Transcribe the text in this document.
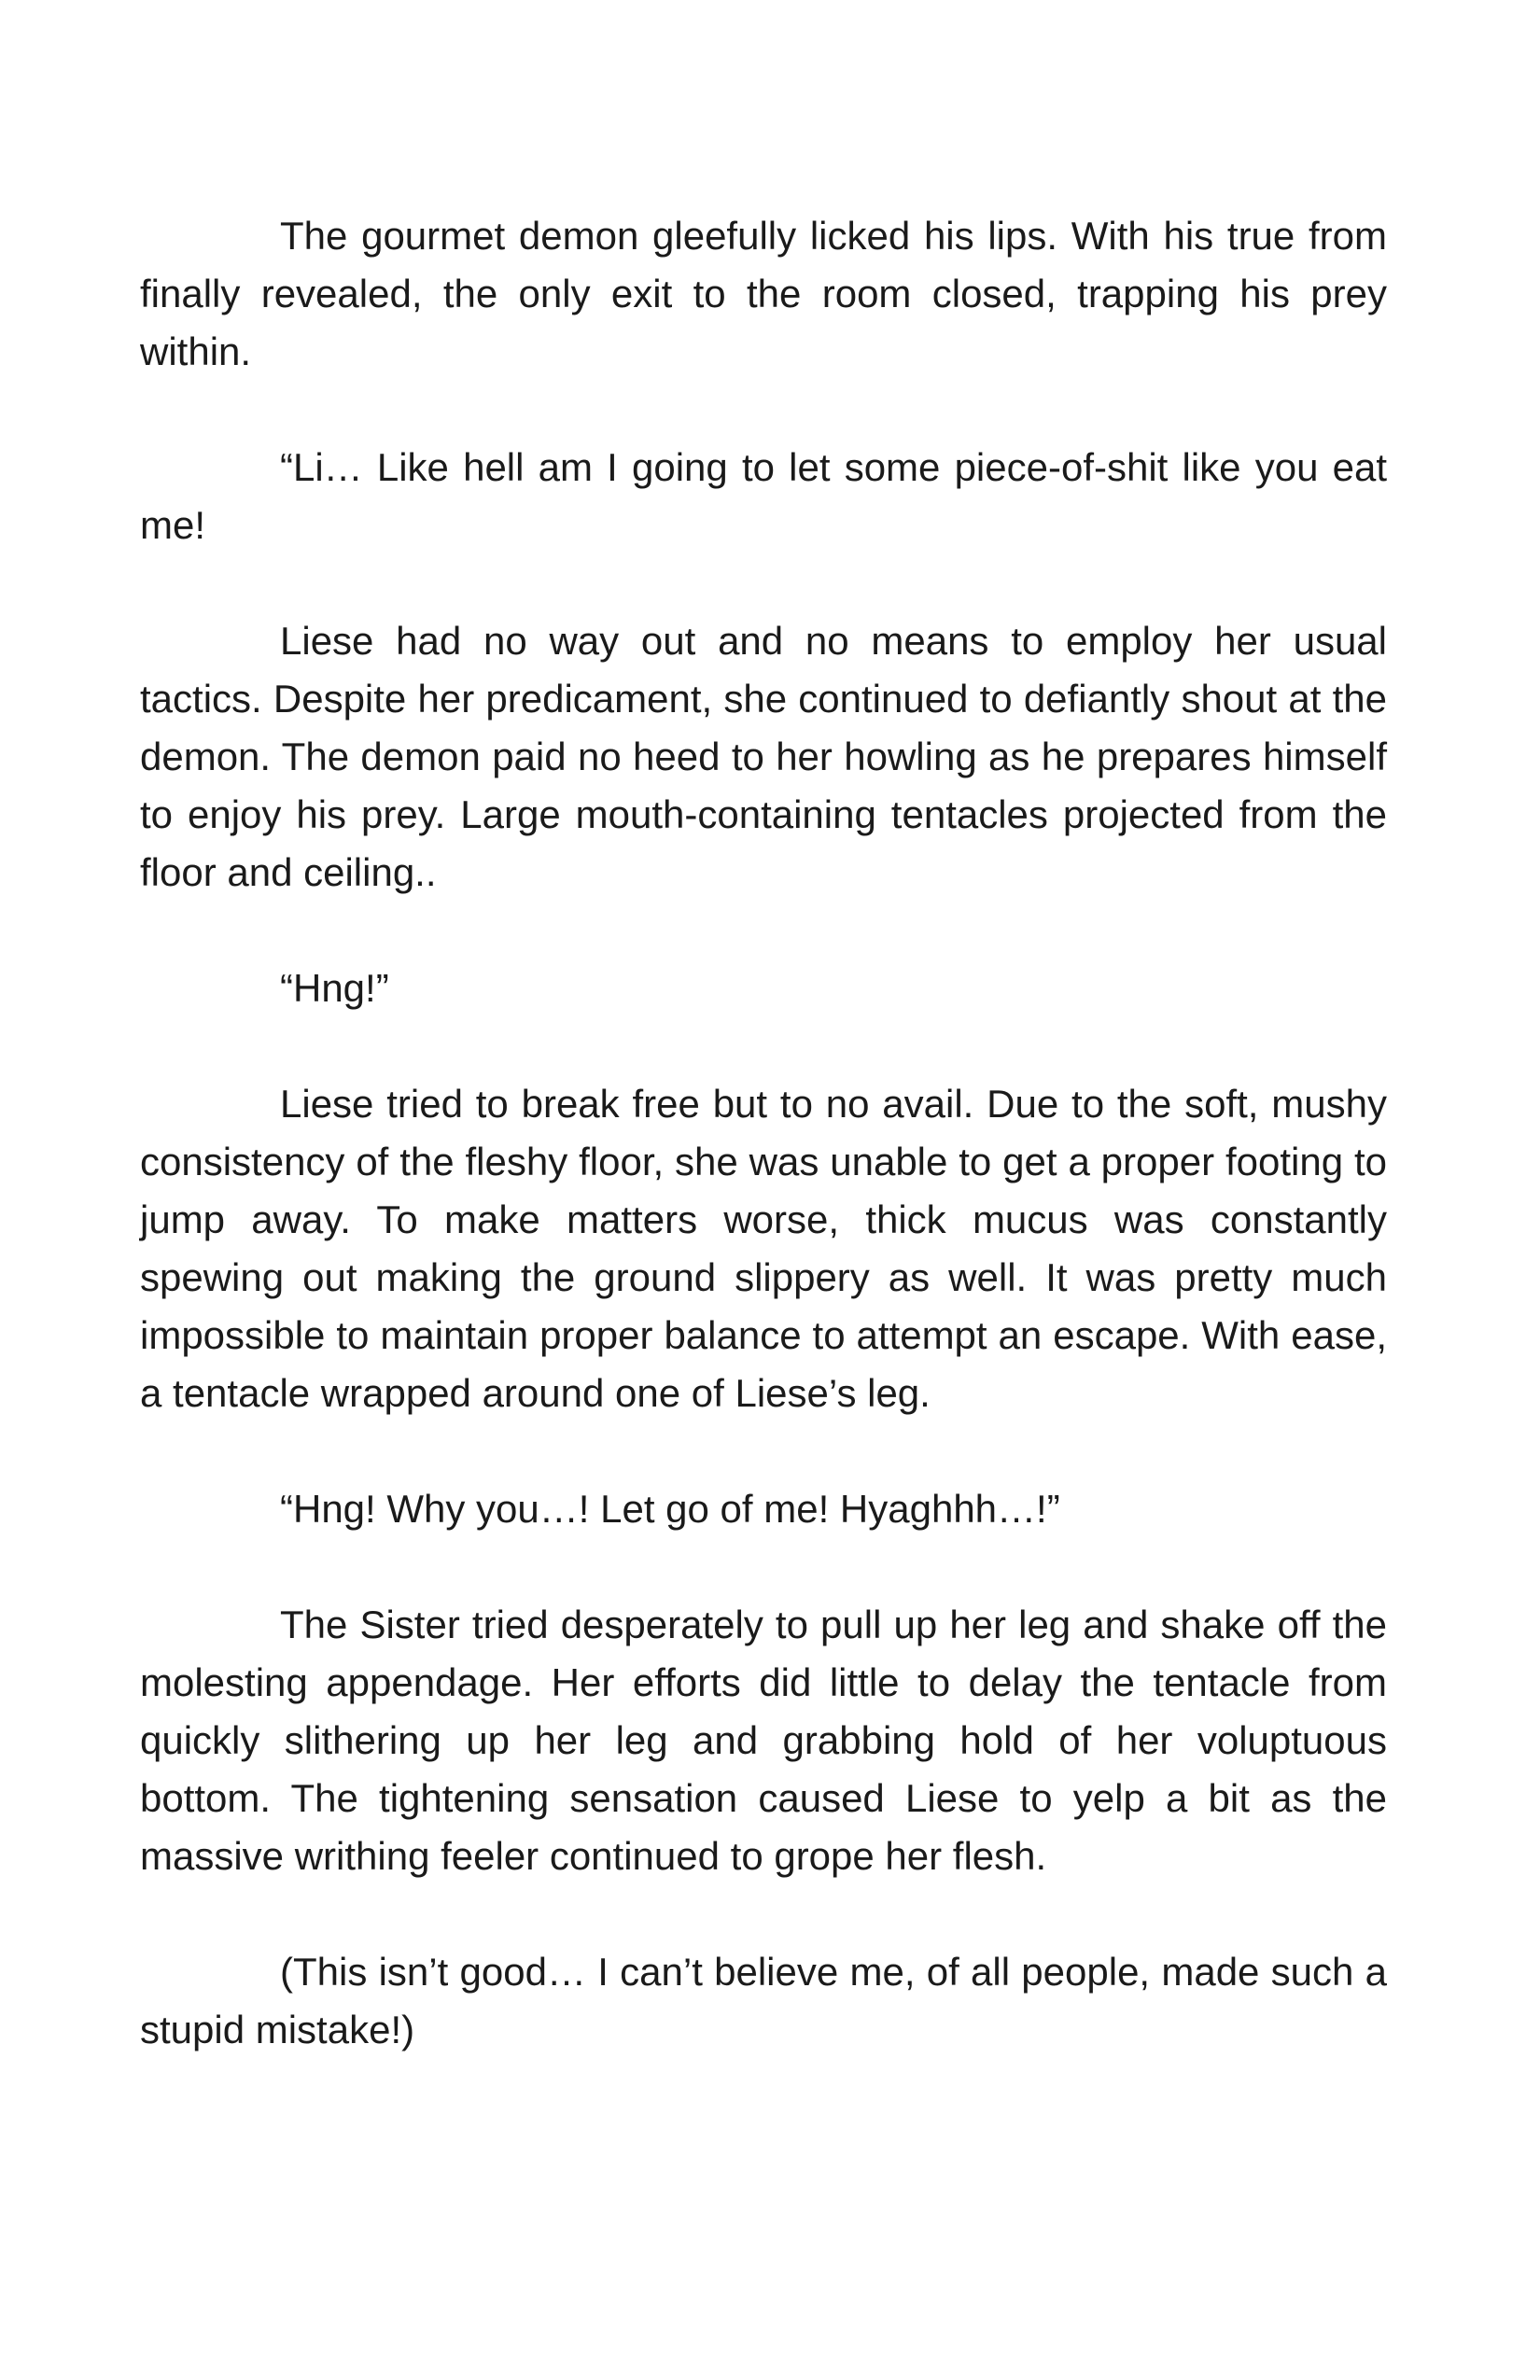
The gourmet demon gleefully licked his lips. With his true from finally revealed, the only exit to the room closed, trapping his prey within.

“Li… Like hell am I going to let some piece-of-shit like you eat me!

Liese had no way out and no means to employ her usual tactics. Despite her predicament, she continued to defiantly shout at the demon. The demon paid no heed to her howling as he prepares himself to enjoy his prey. Large mouth-containing tentacles projected from the floor and ceiling..

“Hng!”

Liese tried to break free but to no avail. Due to the soft, mushy consistency of the fleshy floor, she was unable to get a proper footing to jump away. To make matters worse, thick mucus was constantly spewing out making the ground slippery as well. It was pretty much impossible to maintain proper balance to attempt an escape. With ease, a tentacle wrapped around one of Liese’s leg.

“Hng! Why you…! Let go of me! Hyaghhh…!”

The Sister tried desperately to pull up her leg and shake off the molesting appendage. Her efforts did little to delay the tentacle from quickly slithering up her leg and grabbing hold of her voluptuous bottom. The tightening sensation caused Liese to yelp a bit as the massive writhing feeler continued to grope her flesh.

(This isn’t good… I can’t believe me, of all people, made such a stupid mistake!)
